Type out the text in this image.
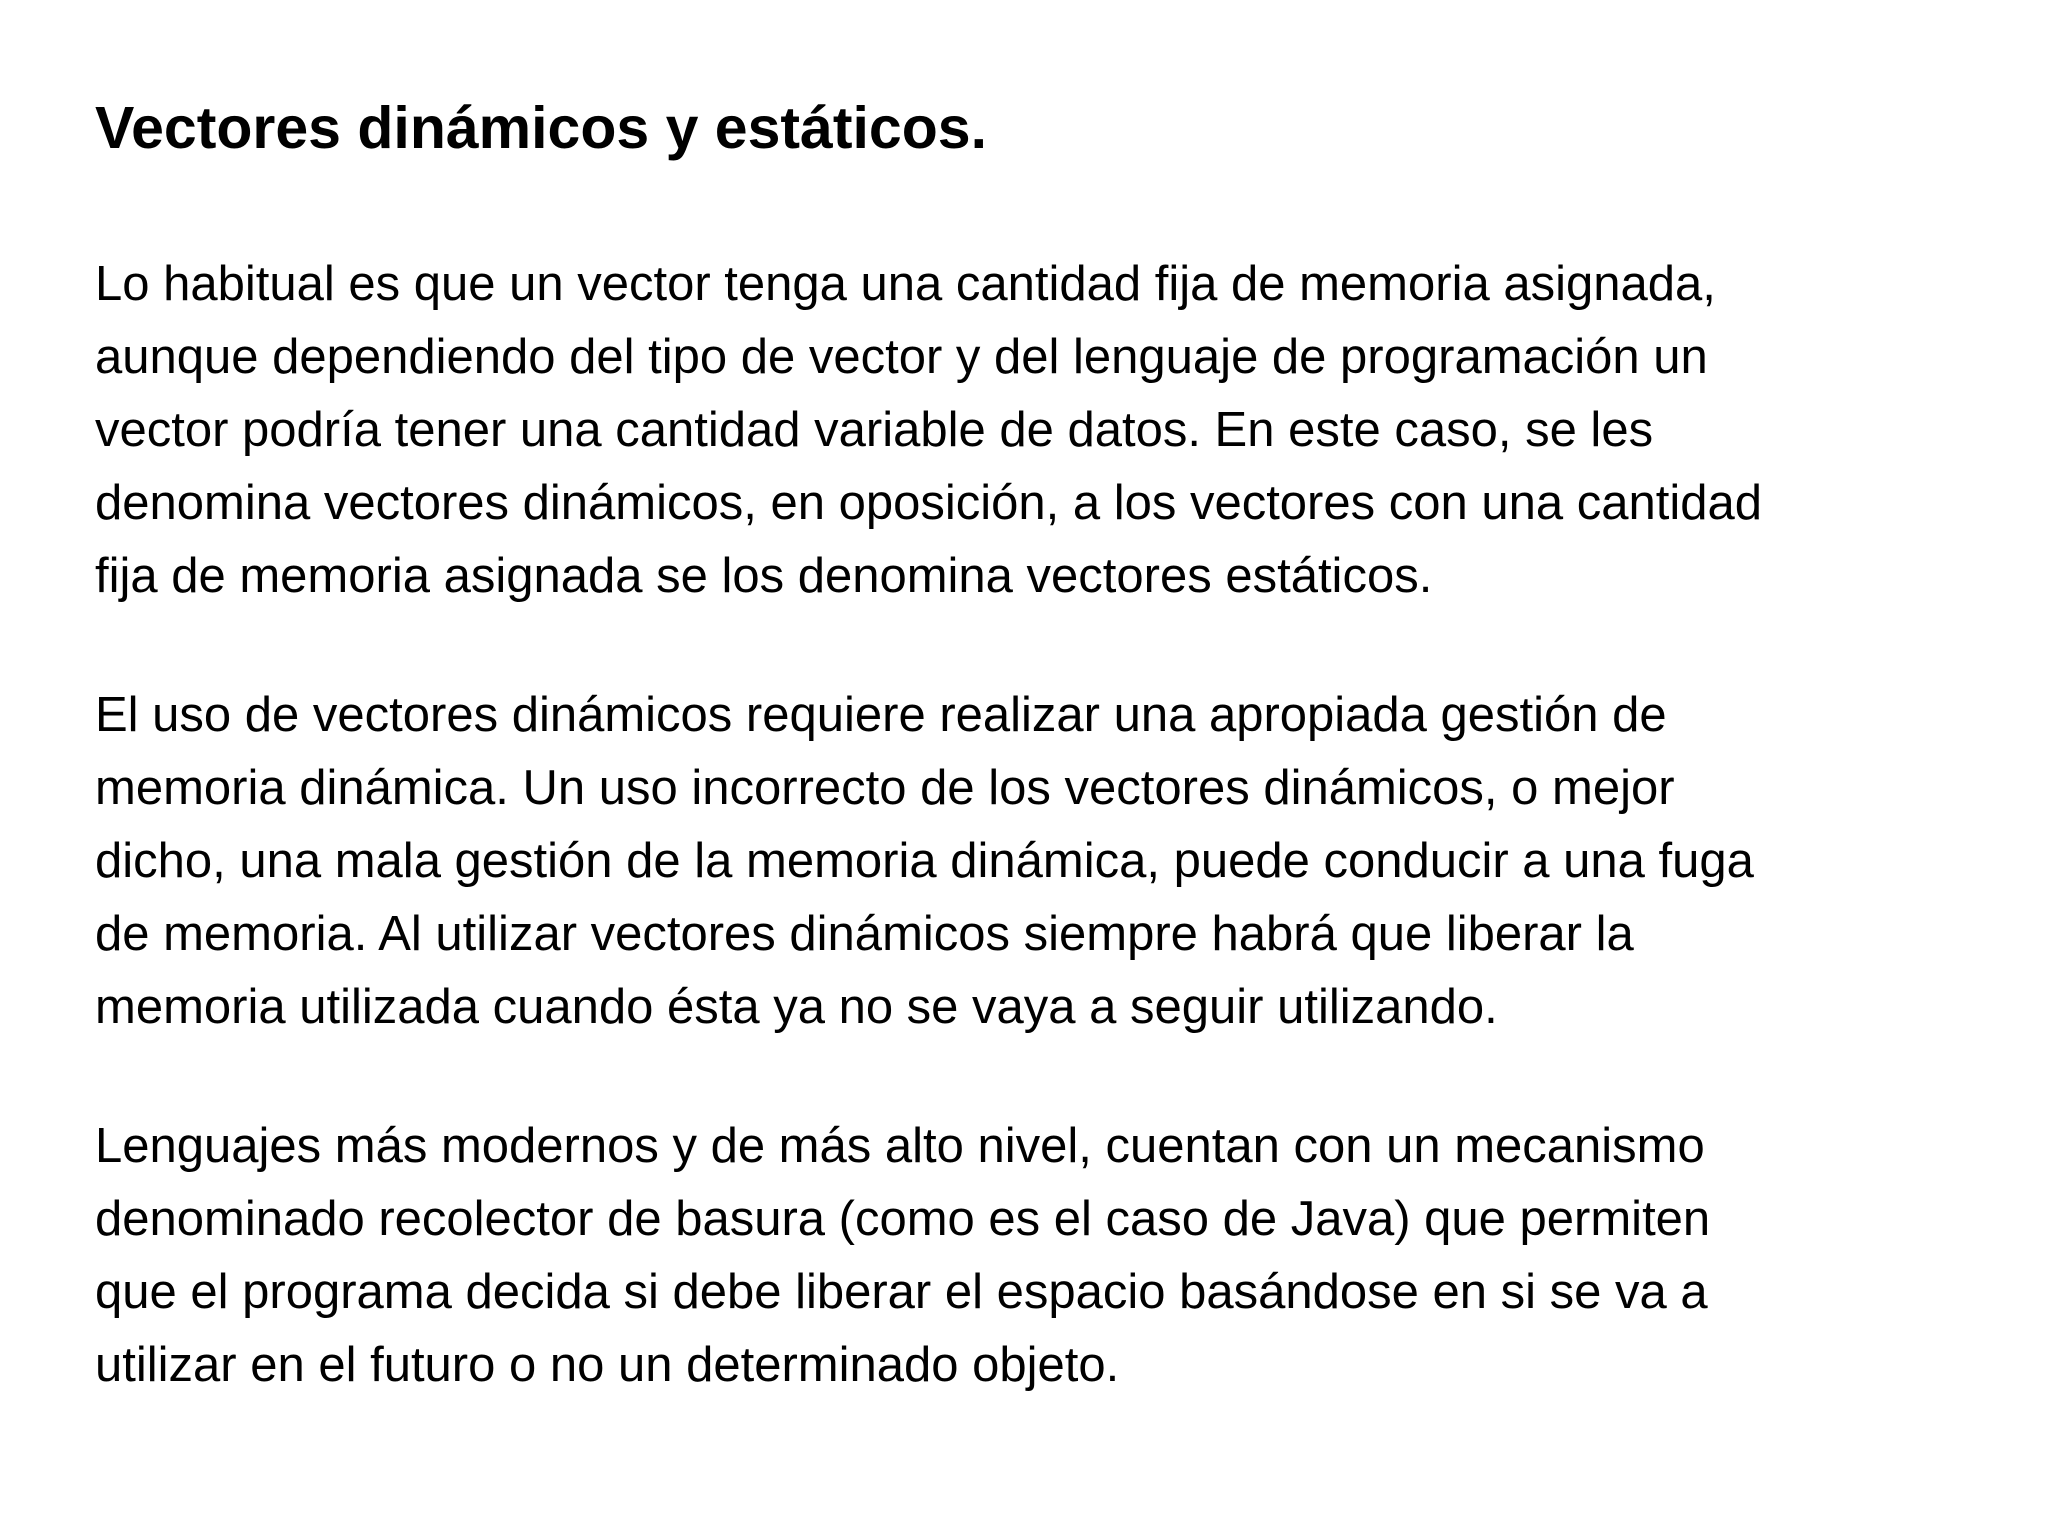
Vectores dinámicos y estáticos.

Lo habitual es que un vector tenga una cantidad fija de memoria asignada,
aunque dependiendo del tipo de vector y del lenguaje de programación un
vector podría tener una cantidad variable de datos. En este caso, se les
denomina vectores dinámicos, en oposición, a los vectores con una cantidad
fija de memoria asignada se los denomina vectores estáticos.

El uso de vectores dinámicos requiere realizar una apropiada gestión de
memoria dinámica. Un uso incorrecto de los vectores dinámicos, o mejor
dicho, una mala gestión de la memoria dinámica, puede conducir a una fuga
de memoria. Al utilizar vectores dinámicos siempre habrá que liberar la
memoria utilizada cuando ésta ya no se vaya a seguir utilizando.

Lenguajes más modernos y de más alto nivel, cuentan con un mecanismo
denominado recolector de basura (como es el caso de Java) que permiten
que el programa decida si debe liberar el espacio basándose en si se va a
utilizar en el futuro o no un determinado objeto.
